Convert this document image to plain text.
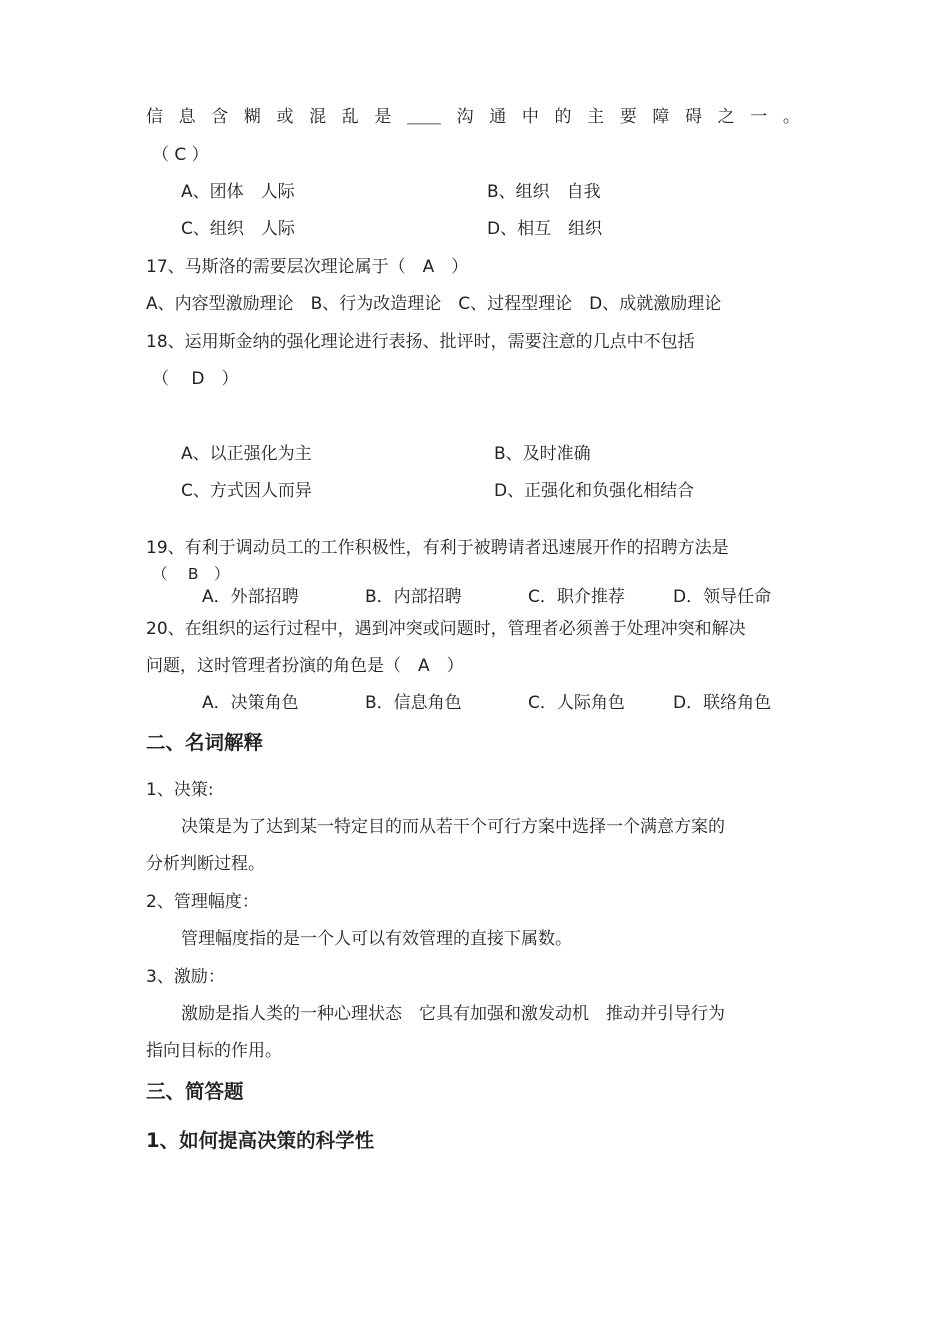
信 息 含 糊 或 混 乱 是 ＿＿ 沟 通 中 的 主 要 障 碍 之 一 。
（ C ）
A、团体　人际	B、组织　自我
C、组织　人际	D、相互　组织
17、马斯洛的需要层次理论属于（　A　）
A、内容型激励理论　B、行为改造理论　C、过程型理论　D、成就激励理论
18、运用斯金纳的强化理论进行表扬、批评时，需要注意的几点中不包括
（　 D　）
A、以正强化为主	B、及时准确
C、方式因人而异	D、正强化和负强化相结合
19、有利于调动员工的工作积极性，有利于被聘请者迅速展开作的招聘方法是
（　 B　）
A．外部招聘	B．内部招聘	C．职介推荐	D．领导任命
20、在组织的运行过程中，遇到冲突或问题时，管理者必须善于处理冲突和解决
问题，这时管理者扮演的角色是（　A　）
A．决策角色	B．信息角色	C．人际角色	D．联络角色
二、名词解释
1、决策:
决策是为了达到某一特定目的而从若干个可行方案中选择一个满意方案的
分析判断过程。
2、管理幅度：
管理幅度指的是一个人可以有效管理的直接下属数。
3、激励：
激励是指人类的一种心理状态　它具有加强和激发动机　推动并引导行为
指向目标的作用。
三、简答题
1、如何提高决策的科学性
